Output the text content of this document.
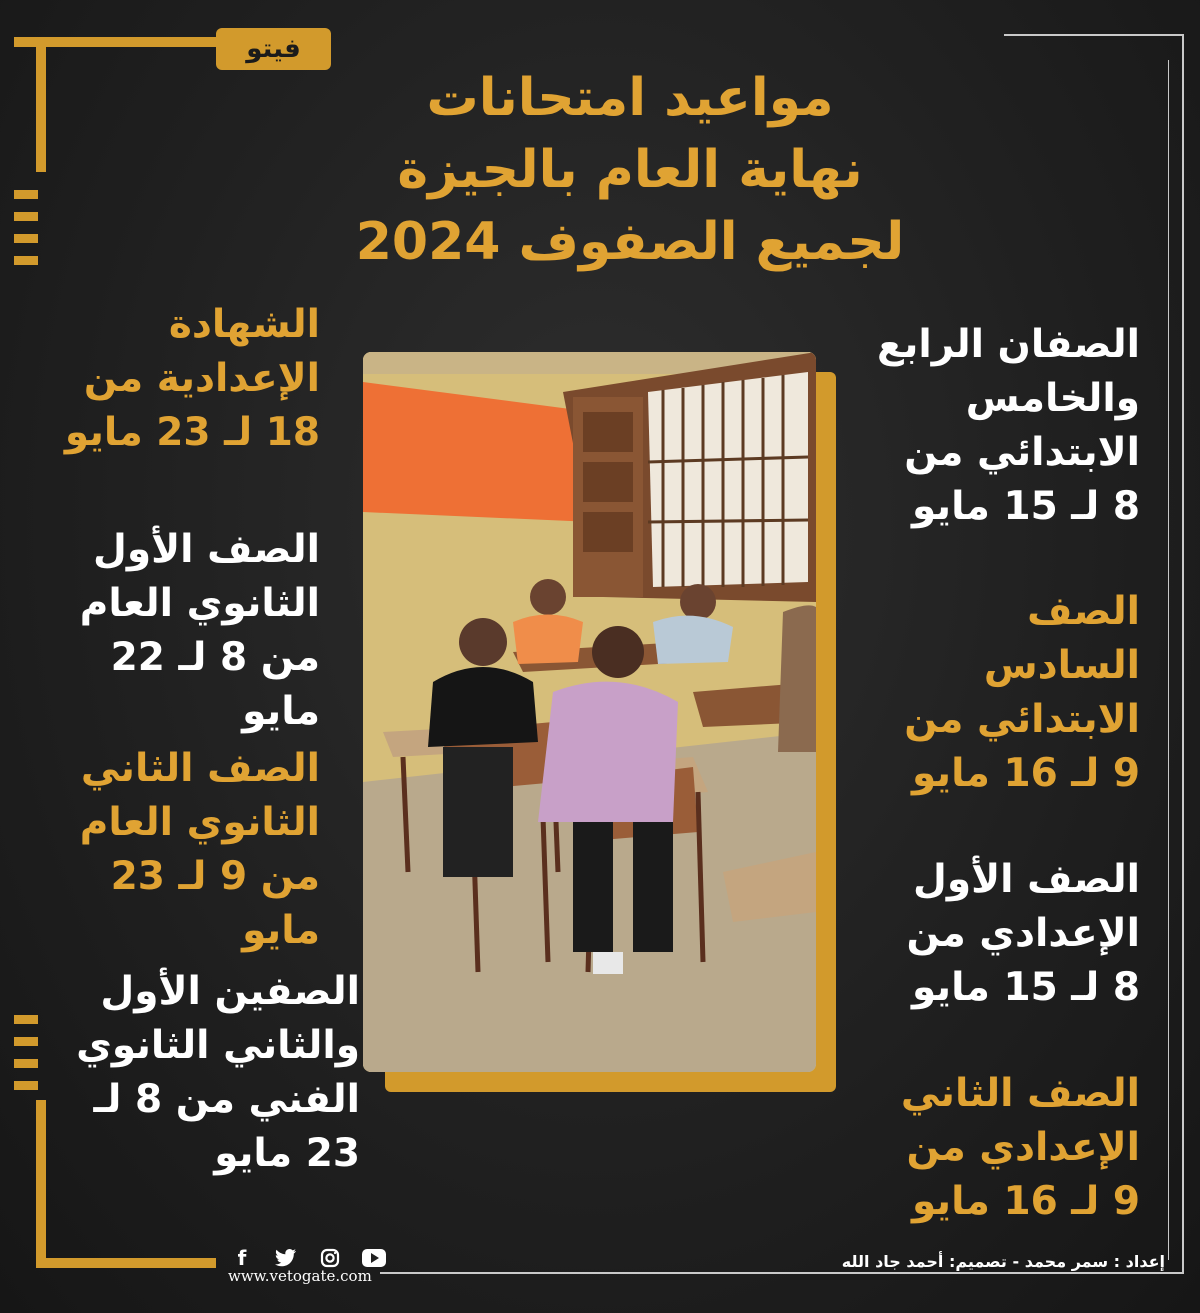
فيتو
مواعيد امتحانات
نهاية العام بالجيزة
لجميع الصفوف 2024
الصفان الرابع
والخامس
الابتدائي من
8 لـ 15 مايو
الصف
السادس
الابتدائي من
9 لـ 16 مايو
الصف الأول
الإعدادي من
8 لـ 15 مايو
الصف الثاني
الإعدادي من
9 لـ 16 مايو
الشهادة
الإعدادية من
18 لـ 23 مايو
الصف الأول
الثانوي العام
من 8 لـ 22 مايو
الصف الثاني
الثانوي العام
من 9 لـ 23 مايو
الصفين الأول
والثاني الثانوي
الفني من 8 لـ
23 مايو
f
www.vetogate.com
إعداد : سمر محمد - تصميم: أحمد جاد الله
